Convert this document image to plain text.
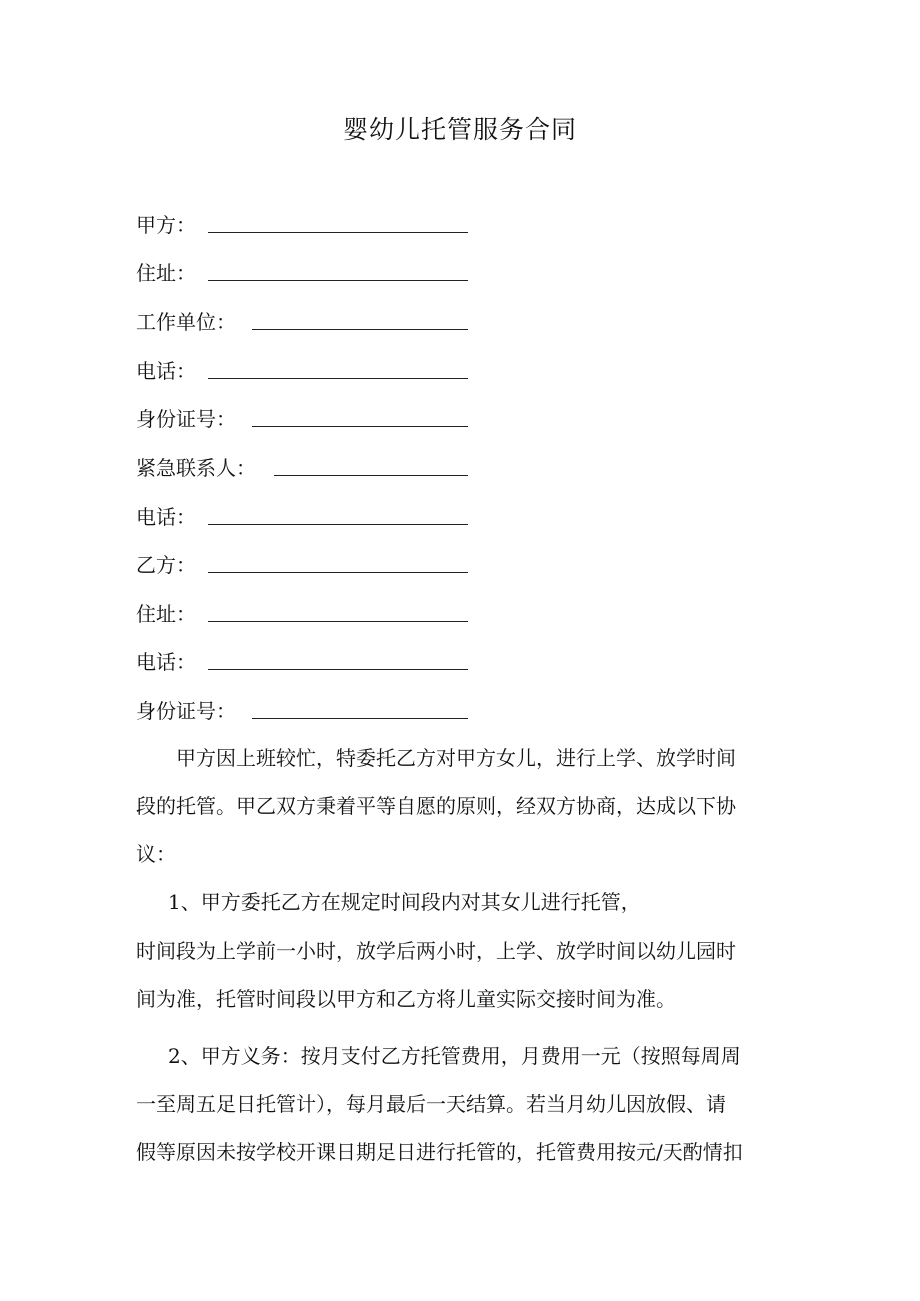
婴幼儿托管服务合同
甲方：
住址：
工作单位：
电话：
身份证号：
紧急联系人：
电话：
乙方：
住址：
电话：
身份证号：

甲方因上班较忙，特委托乙方对甲方女儿，进行上学、放学时间

段的托管。甲乙双方秉着平等自愿的原则，经双方协商，达成以下协

议：

1、甲方委托乙方在规定时间段内对其女儿进行托管，

时间段为上学前一小时，放学后两小时，上学、放学时间以幼儿园时

间为准，托管时间段以甲方和乙方将儿童实际交接时间为准。

2、甲方义务：按月支付乙方托管费用，月费用一元（按照每周周

一至周五足日托管计），每月最后一天结算。若当月幼儿因放假、请

假等原因未按学校开课日期足日进行托管的，托管费用按元/天酌情扣
